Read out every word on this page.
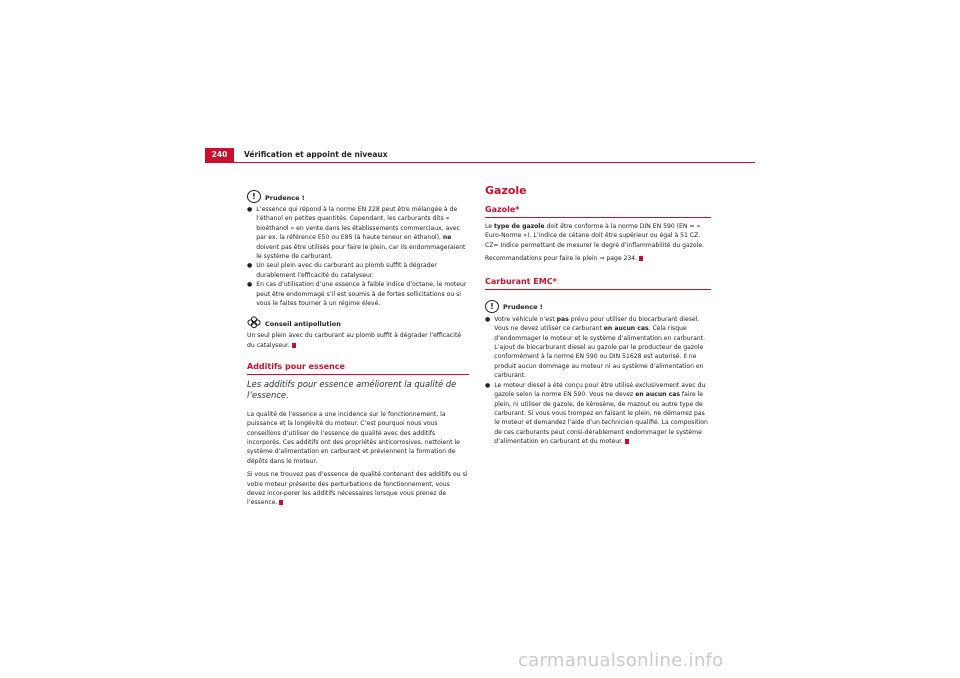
240	Vérification et appoint de niveaux
!	Prudence !
● L’essence qui répond à la norme EN 228 peut être mélangée à de l’éthanol en petites quantités. Cependant, les carburants dits « bioéthanol » en vente dans les établissements commerciaux, avec par ex. la référence E50 ou E85 (à haute teneur en éthanol), ne doivent pas être utilisés pour faire le plein, car ils endommageraient le système de carburant.
● Un seul plein avec du carburant au plomb suffit à dégrader durablement l’efficacité du catalyseur.
● En cas d’utilisation d’une essence à faible indice d’octane, le moteur peut être endommagé s’il est soumis à de fortes sollicitations ou si vous le faites tourner à un régime élevé.
Conseil antipollution

Un seul plein avec du carburant au plomb suffit à dégrader l’efficacité du catalyseur.

Additifs pour essence
Les additifs pour essence améliorent la qualité de l’essence.

La qualité de l’essence a une incidence sur le fonctionnement, la puissance et la longévité du moteur. C’est pourquoi nous vous conseillons d’utiliser de l’essence de qualité avec des additifs incorporés. Ces additifs ont des propriétés anticorrosives, nettoient le système d’alimentation en carburant et préviennent la formation de dépôts dans le moteur.

Si vous ne trouvez pas d’essence de qualité contenant des additifs ou si votre moteur présente des perturbations de fonctionnement, vous devez incor-porer les additifs nécessaires lorsque vous prenez de l’essence.

Gazole
Gazole*

Le type de gazole doit être conforme à la norme DIN EN 590 (EN = « Euro-Norme »). L’indice de cétane doit être supérieur ou égal à 51 CZ. CZ= Indice permettant de mesurer le degré d’inflammabilité du gazole.

Recommandations pour faire le plein ⇒ page 234.

Carburant EMC*
!	Prudence !
● Votre véhicule n’est pas prévu pour utiliser du biocarburant diesel. Vous ne devez utiliser ce carburant en aucun cas. Cela risque d’endommager le moteur et le système d’alimentation en carburant. L’ajout de biocarburant diesel au gazole par le producteur de gazole conformément à la norme EN 590 ou DIN 51628 est autorisé. Il ne produit aucun dommage au moteur ni au système d’alimentation en carburant.
● Le moteur diesel a été conçu pour être utilisé exclusivement avec du gazole selon la norme EN 590. Vous ne devez en aucun cas faire le plein, ni utiliser de gazole, de kérosène, de mazout ou autre type de carburant. Si vous vous trompez en faisant le plein, ne démarrez pas le moteur et demandez l’aide d’un technicien qualifié. La composition de ces carburants peut consi-dérablement endommager le système d’alimentation en carburant et du moteur.
carmanualsonline.info
